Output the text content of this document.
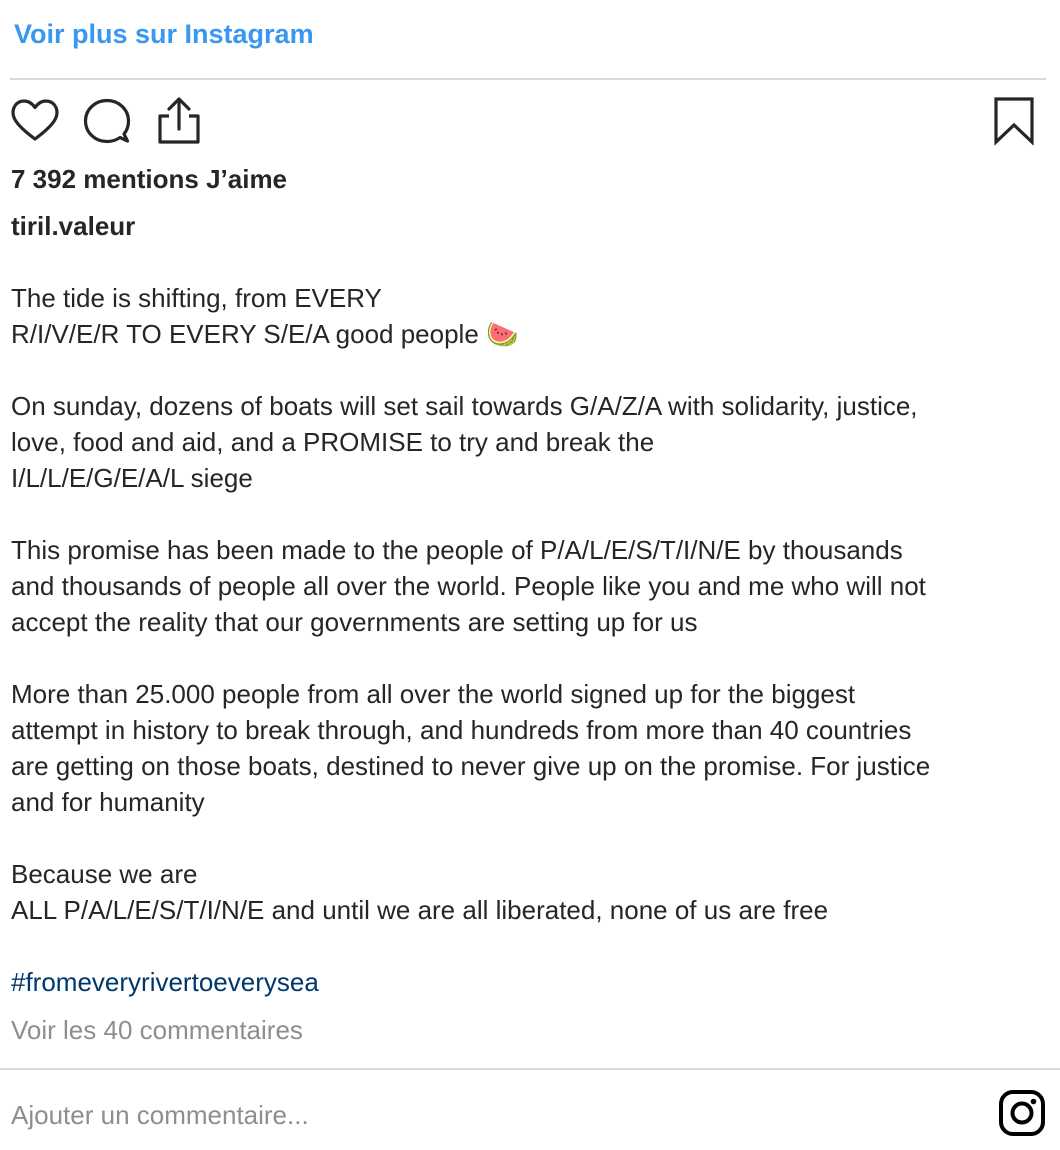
Voir plus sur Instagram
7 392 mentions J’aime
tiril.valeur

The tide is shifting, from EVERY
R/I/V/E/R TO EVERY S/E/A good people 🍉

On sunday, dozens of boats will set sail towards G/A/Z/A with solidarity, justice,
love, food and aid, and a PROMISE to try and break the
I/L/L/E/G/E/A/L siege

This promise has been made to the people of P/A/L/E/S/T/I/N/E by thousands
and thousands of people all over the world. People like you and me who will not
accept the reality that our governments are setting up for us

More than 25.000 people from all over the world signed up for the biggest
attempt in history to break through, and hundreds from more than 40 countries
are getting on those boats, destined to never give up on the promise. For justice
and for humanity

Because we are
ALL P/A/L/E/S/T/I/N/E and until we are all liberated, none of us are free

#fromeveryrivertoeverysea
Voir les 40 commentaires
Ajouter un commentaire...
